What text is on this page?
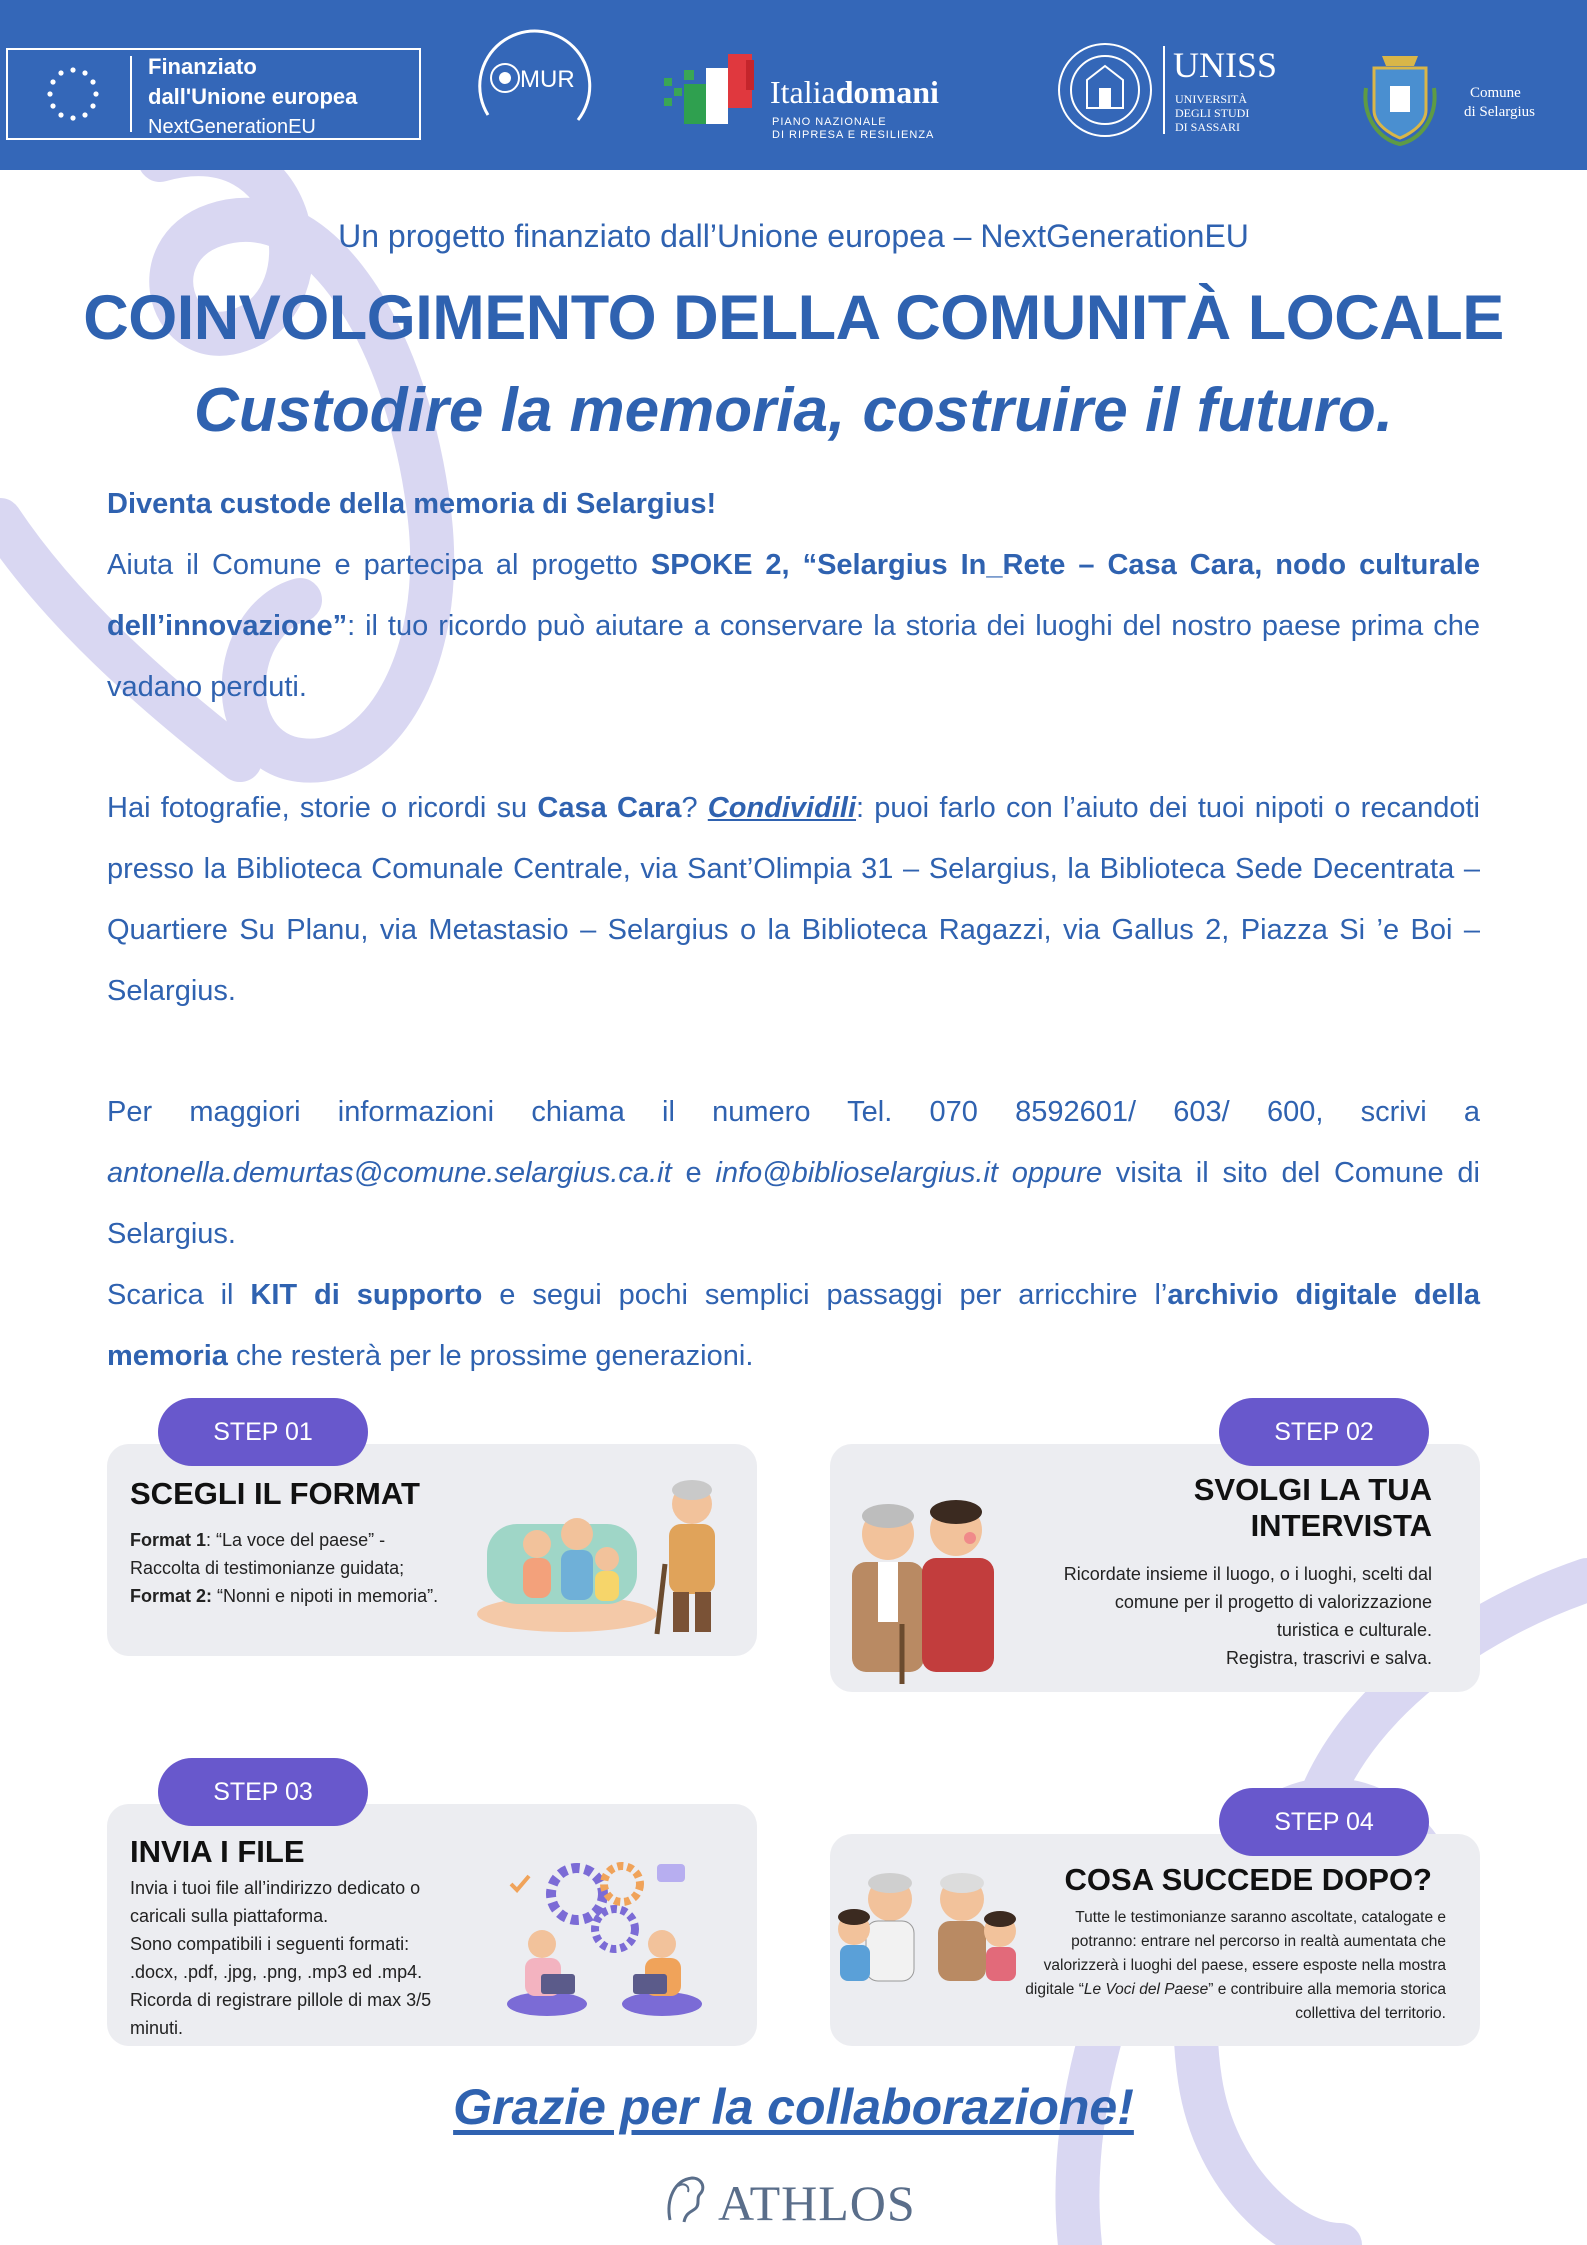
Finanziato
dall'Unione europea
NextGenerationEU
MUR	Italiadomani
PIANO NAZIONALE
DI RIPRESA E RESILIENZA
UNISS
UNIVERSITÀ
DEGLI STUDI
DI SASSARI
Comune
di Selargius
Un progetto finanziato dall’Unione europea – NextGenerationEU
COINVOLGIMENTO DELLA COMUNITÀ LOCALE
Custodire la memoria, costruire il futuro.
Diventa custode della memoria di Selargius!
Aiuta il Comune e partecipa al progetto SPOKE 2, “Selargius In_Rete – Casa Cara, nodo culturale dell’innovazione”: il tuo ricordo può aiutare a conservare la storia dei luoghi del nostro paese prima che vadano perduti.
Hai fotografie, storie o ricordi su Casa Cara? Condividili: puoi farlo con l’aiuto dei tuoi nipoti o recandoti presso la Biblioteca Comunale Centrale, via Sant’Olimpia 31 – Selargius, la Biblioteca Sede Decentrata – Quartiere Su Planu, via Metastasio – Selargius o la Biblioteca Ragazzi, via Gallus 2, Piazza Si ’e Boi – Selargius.
Per maggiori informazioni chiama il numero Tel. 070 8592601/ 603/ 600, scrivi a antonella.demurtas@comune.selargius.ca.it e info@biblioselargius.it oppure visita il sito del Comune di Selargius.
Scarica il KIT di supporto e segui pochi semplici passaggi per arricchire l’archivio digitale della memoria che resterà per le prossime generazioni.
SCEGLI IL FORMAT
Format 1: “La voce del paese” - Raccolta di testimonianze guidata;
Format 2: “Nonni e nipoti in memoria”.
STEP 01
SVOLGI LA TUA
INTERVISTA
Ricordate insieme il luogo, o i luoghi, scelti dal
comune per il progetto di valorizzazione
turistica e culturale.
Registra, trascrivi e salva.
STEP 02
INVIA I FILE
Invia i tuoi file all’indirizzo dedicato o
caricali sulla piattaforma.
Sono compatibili i seguenti formati:
.docx, .pdf, .jpg, .png, .mp3 ed .mp4.
Ricorda di registrare pillole di max 3/5
minuti.
STEP 03
COSA SUCCEDE DOPO?
Tutte le testimonianze saranno ascoltate, catalogate e
potranno: entrare nel percorso in realtà aumentata che
valorizzerà i luoghi del paese, essere esposte nella mostra
digitale “Le Voci del Paese” e contribuire alla memoria storica
collettiva del territorio.
STEP 04
Grazie per la collaborazione!
ATHLOS
